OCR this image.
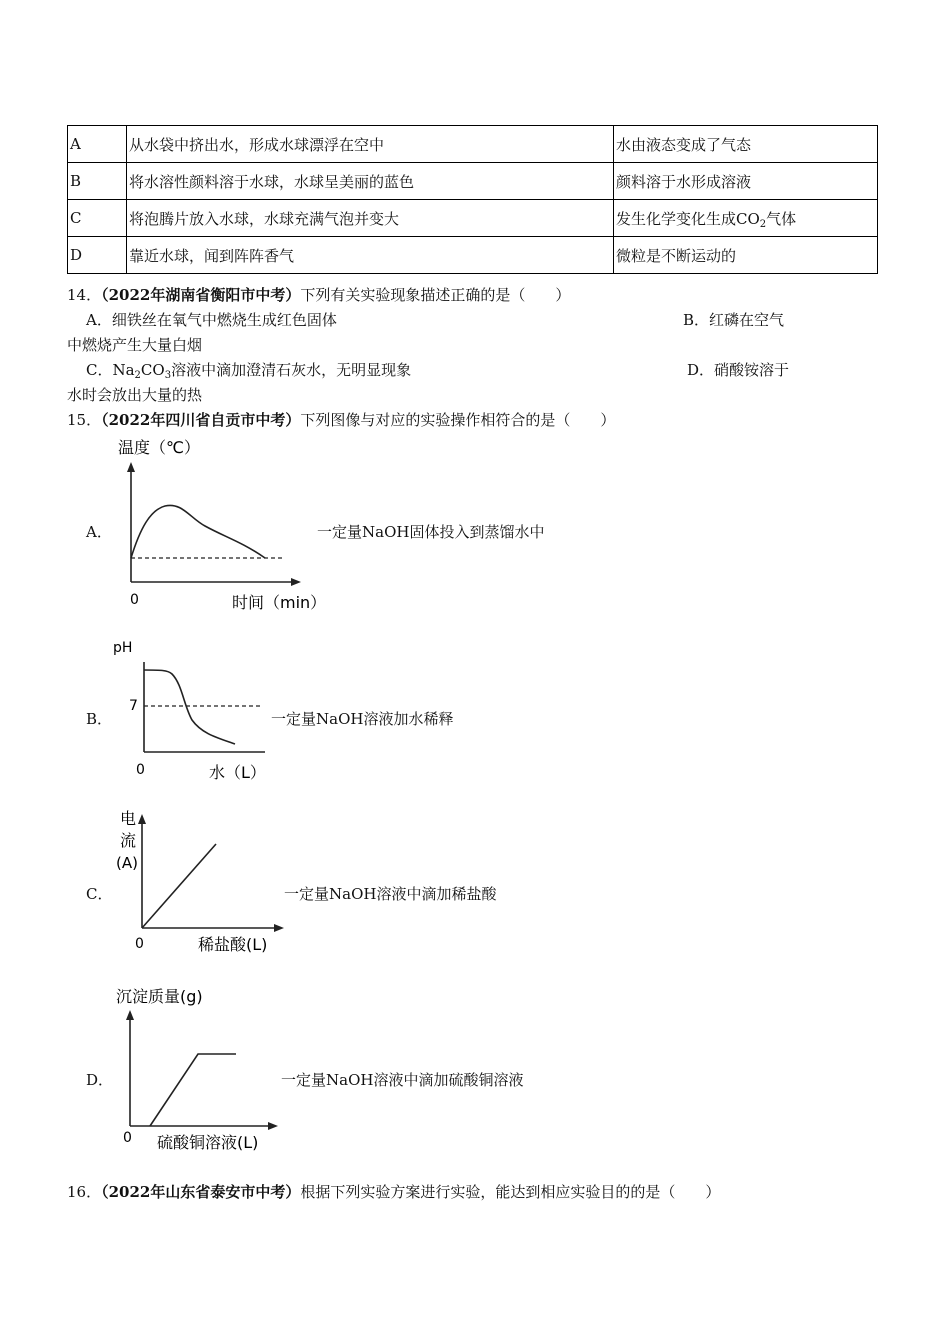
A	从水袋中挤出水，形成水球漂浮在空中	水由液态变成了气态
B	将水溶性颜料溶于水球，水球呈美丽的蓝色	颜料溶于水形成溶液
C	将泡腾片放入水球，水球充满气泡并变大	发生化学变化生成$CO_2$气体
D	靠近水球，闻到阵阵香气	微粒是不断运动的
14．（2022年湖南省衡阳市中考）下列有关实验现象描述正确的是（　　）
A．细铁丝在氧气中燃烧生成红色固体	B．红磷在空气
中燃烧产生大量白烟
C．$Na_2CO_3$溶液中滴加澄清石灰水，无明显现象	D．硝酸铵溶于
水时会放出大量的热
15．（2022年四川省自贡市中考）下列图像与对应的实验操作相符合的是（　　）
A．
温度（℃）
0	时间（min）
一定量NaOH固体投入到蒸馏水中
B．
pH
7
0	水（L）
一定量NaOH溶液加水稀释
C．
电
流
(A)
0	稀盐酸(L)
一定量NaOH溶液中滴加稀盐酸
D．
沉淀质量(g)
0 硫酸铜溶液(L)
一定量NaOH溶液中滴加硫酸铜溶液
16．（2022年山东省泰安市中考）根据下列实验方案进行实验，能达到相应实验目的的是（　　）
